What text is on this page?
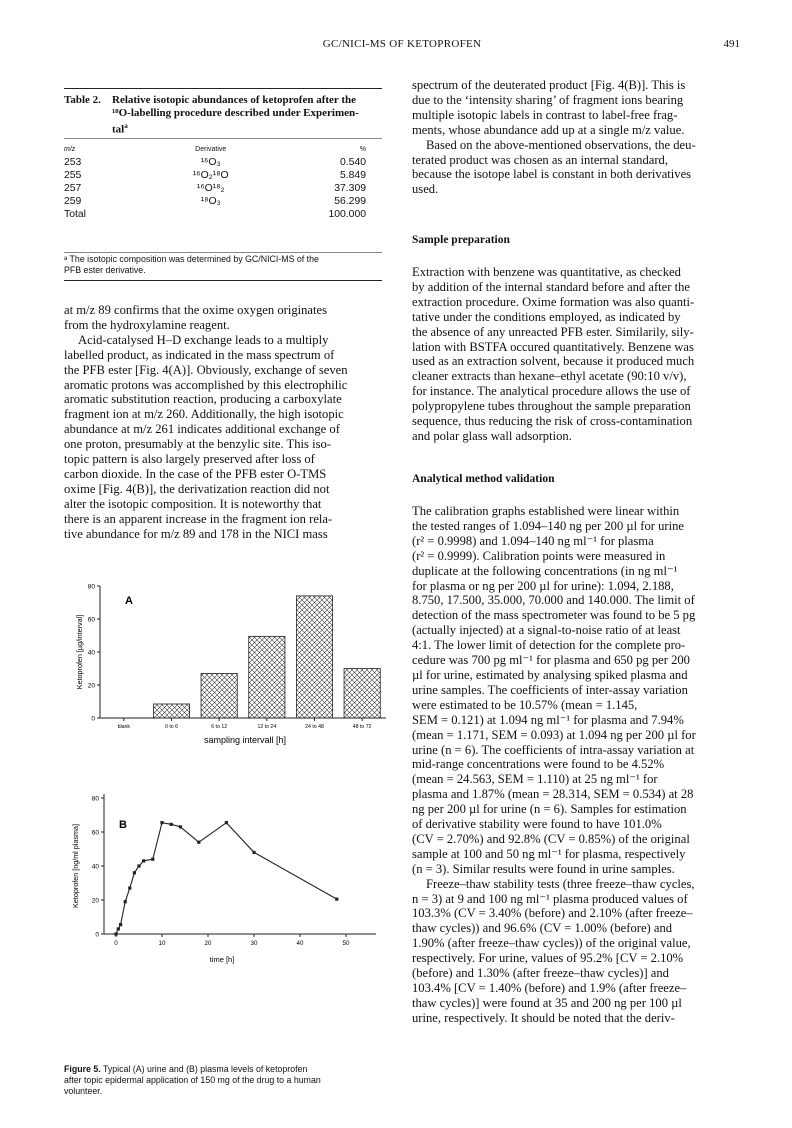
GC/NICI-MS OF KETOPROFEN	491
Table 2.	Relative isotopic abundances of ketoprofen after the
¹⁸O-labelling procedure described under Experimen-
tal$^a$
m/z	Derivative	%
253	¹⁶O₃	0.540
255	¹⁶O₂¹⁸O	5.849
257	¹⁶O¹⁸₂	37.309
259	¹⁸O₃	56.299
Total		100.000
ᵃ The isotopic composition was determined by GC/NICI-MS of the
PFB ester derivative.

at m/z 89 confirms that the oxime oxygen originates

from the hydroxylamine reagent.

Acid-catalysed H–D exchange leads to a multiply

labelled product, as indicated in the mass spectrum of

the PFB ester [Fig. 4(A)]. Obviously, exchange of seven

aromatic protons was accomplished by this electrophilic

aromatic substitution reaction, producing a carboxylate

fragment ion at m/z 260. Additionally, the high isotopic

abundance at m/z 261 indicates additional exchange of

one proton, presumably at the benzylic site. This iso-

topic pattern is also largely preserved after loss of

carbon dioxide. In the case of the PFB ester O-TMS

oxime [Fig. 4(B)], the derivatization reaction did not

alter the isotopic composition. It is noteworthy that

there is an apparent increase in the fragment ion rela-

tive abundance for m/z 89 and 178 in the NICI mass

0
20
40
60
80
blank	0 to 6	6 to 12	12 to 24	24 to 48	48 to 72
A
sampling intervall [h]
Ketoprofen [µg/interval]
0
20
40
60
80
0	10	20	30	40	50
B
time [h]
Ketoprofen [ng/ml plasma]
Figure 5. Typical (A) urine and (B) plasma levels of ketoprofen
after topic epidermal application of 150 mg of the drug to a human
volunteer.

spectrum of the deuterated product [Fig. 4(B)]. This is

due to the ‘intensity sharing’ of fragment ions bearing

multiple isotopic labels in contrast to label-free frag-

ments, whose abundance add up at a single m/z value.

Based on the above-mentioned observations, the deu-

terated product was chosen as an internal standard,

because the isotope label is constant in both derivatives

used.

Sample preparation

Extraction with benzene was quantitative, as checked

by addition of the internal standard before and after the

extraction procedure. Oxime formation was also quanti-

tative under the conditions employed, as indicated by

the absence of any unreacted PFB ester. Similarily, sily-

lation with BSTFA occured quantitatively. Benzene was

used as an extraction solvent, because it produced much

cleaner extracts than hexane–ethyl acetate (90:10 v/v),

for instance. The analytical procedure allows the use of

polypropylene tubes throughout the sample preparation

sequence, thus reducing the risk of cross-contamination

and polar glass wall adsorption.

Analytical method validation

The calibration graphs established were linear within

the tested ranges of 1.094–140 ng per 200 µl for urine

(r² = 0.9998) and 1.094–140 ng ml⁻¹ for plasma

(r² = 0.9999). Calibration points were measured in

duplicate at the following concentrations (in ng ml⁻¹

for plasma or ng per 200 µl for urine): 1.094, 2.188,

8.750, 17.500, 35.000, 70.000 and 140.000. The limit of

detection of the mass spectrometer was found to be 5 pg

(actually injected) at a signal-to-noise ratio of at least

4:1. The lower limit of detection for the complete pro-

cedure was 700 pg ml⁻¹ for plasma and 650 pg per 200

µl for urine, estimated by analysing spiked plasma and

urine samples. The coefficients of inter-assay variation

were estimated to be 10.57% (mean = 1.145,

SEM = 0.121) at 1.094 ng ml⁻¹ for plasma and 7.94%

(mean = 1.171, SEM = 0.093) at 1.094 ng per 200 µl for

urine (n = 6). The coefficients of intra-assay variation at

mid-range concentrations were found to be 4.52%

(mean = 24.563, SEM = 1.110) at 25 ng ml⁻¹ for

plasma and 1.87% (mean = 28.314, SEM = 0.534) at 28

ng per 200 µl for urine (n = 6). Samples for estimation

of derivative stability were found to have 101.0%

(CV = 2.70%) and 92.8% (CV = 0.85%) of the original

sample at 100 and 50 ng ml⁻¹ for plasma, respectively

(n = 3). Similar results were found in urine samples.

Freeze–thaw stability tests (three freeze–thaw cycles,

n = 3) at 9 and 100 ng ml⁻¹ plasma produced values of

103.3% (CV = 3.40% (before) and 2.10% (after freeze–

thaw cycles)) and 96.6% (CV = 1.00% (before) and

1.90% (after freeze–thaw cycles)) of the original value,

respectively. For urine, values of 95.2% [CV = 2.10%

(before) and 1.30% (after freeze–thaw cycles)] and

103.4% [CV = 1.40% (before) and 1.9% (after freeze–

thaw cycles)] were found at 35 and 200 ng per 100 µl

urine, respectively. It should be noted that the deriv-
